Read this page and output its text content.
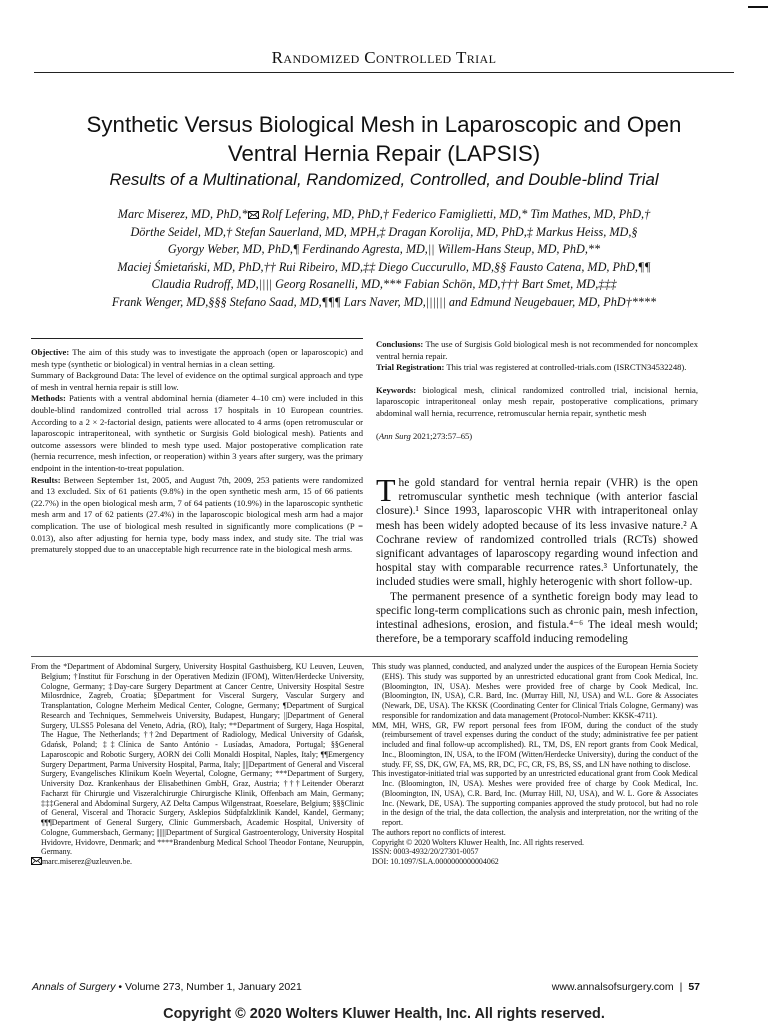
Randomized Controlled Trial
Synthetic Versus Biological Mesh in Laparoscopic and Open
Ventral Hernia Repair (LAPSIS)
Results of a Multinational, Randomized, Controlled, and Double-blind Trial
Marc Miserez, MD, PhD,* Rolf Lefering, MD, PhD,† Federico Famiglietti, MD,* Tim Mathes, MD, PhD,†
Dörthe Seidel, MD,† Stefan Sauerland, MD, MPH,‡ Dragan Korolija, MD, PhD,‡ Markus Heiss, MD,§
Gyorgy Weber, MD, PhD,¶ Ferdinando Agresta, MD,|| Willem-Hans Steup, MD, PhD,**
Maciej Śmietański, MD, PhD,†† Rui Ribeiro, MD,‡‡ Diego Cuccurullo, MD,§§ Fausto Catena, MD, PhD,¶¶
Claudia Rudroff, MD,|||| Georg Rosanelli, MD,*** Fabian Schön, MD,††† Bart Smet, MD,‡‡‡
Frank Wenger, MD,§§§ Stefano Saad, MD,¶¶¶ Lars Naver, MD,|||||| and Edmund Neugebauer, MD, PhD†****

Objective: The aim of this study was to investigate the approach (open or laparoscopic) and mesh type (synthetic or biological) in ventral hernias in a clean setting.

Summary of Background Data: The level of evidence on the optimal surgical approach and type of mesh in ventral hernia repair is still low.

Methods: Patients with a ventral abdominal hernia (diameter 4–10 cm) were included in this double-blind randomized controlled trial across 17 hospitals in 10 European countries. According to a 2 × 2-factorial design, patients were allocated to 4 arms (open retromuscular or laparoscopic intraperitoneal, with synthetic or Surgisis Gold biological mesh). Patients and outcome assessors were blinded to mesh type used. Major postoperative complication rate (hernia recurrence, mesh infection, or reoperation) within 3 years after surgery, was the primary endpoint in the intention-to-treat population.

Results: Between September 1st, 2005, and August 7th, 2009, 253 patients were randomized and 13 excluded. Six of 61 patients (9.8%) in the open synthetic mesh arm, 15 of 66 patients (22.7%) in the open biological mesh arm, 7 of 64 patients (10.9%) in the laparoscopic synthetic mesh arm and 17 of 62 patients (27.4%) in the laparoscopic biological mesh arm had a major complication. The use of biological mesh resulted in significantly more complications (P = 0.013), also after adjusting for hernia type, body mass index, and study site. The trial was prematurely stopped due to an unacceptable high recurrence rate in the biological mesh arms.

Conclusions: The use of Surgisis Gold biological mesh is not recommended for noncomplex ventral hernia repair.

Trial Registration: This trial was registered at controlled-trials.com (ISRCTN34532248).

Keywords: biological mesh, clinical randomized controlled trial, incisional hernia, laparoscopic intraperitoneal onlay mesh repair, postoperative complications, primary abdominal wall hernia, recurrence, retromuscular hernia repair, synthetic mesh

(Ann Surg 2021;273:57–65)

The gold standard for ventral hernia repair (VHR) is the open retromuscular synthetic mesh technique (with anterior fascial closure).¹ Since 1993, laparoscopic VHR with intraperitoneal onlay mesh has been widely adopted because of its less invasive nature.² A Cochrane review of randomized controlled trials (RCTs) showed significant advantages of laparoscopy regarding wound infection and hospital stay with comparable recurrence rates.³ Unfortunately, the included studies were small, highly heterogenic with short follow-up.

The permanent presence of a synthetic foreign body may lead to specific long-term complications such as chronic pain, mesh infection, intestinal adhesions, erosion, and fistula.⁴⁻⁶ The ideal mesh would; therefore, be a temporary scaffold inducing remodeling

From the *Department of Abdominal Surgery, University Hospital Gasthuisberg, KU Leuven, Leuven, Belgium; †Institut für Forschung in der Operativen Medizin (IFOM), Witten/Herdecke University, Cologne, Germany; ‡Day-care Surgery Department at Cancer Centre, University Hospital Sestre Milosrdnice, Zagreb, Croatia; §Department for Visceral Surgery, Vascular Surgery and Transplantation, Cologne Merheim Medical Center, Cologne, Germany; ¶Department of Surgical Research and Techniques, Semmelweis University, Budapest, Hungary; ||Department of General Surgery, ULSS5 Polesana del Veneto, Adria, (RO), Italy; **Department of Surgery, Haga Hospital, The Hague, The Netherlands; ††2nd Department of Radiology, Medical University of Gdańsk, Gdańsk, Poland; ‡‡Clínica de Santo António - Lusíadas, Amadora, Portugal; §§General Laparoscopic and Robotic Surgery, AORN dei Colli Monaldi Hospital, Naples, Italy; ¶¶Emergency Surgery Department, Parma University Hospital, Parma, Italy; ||||Department of General and Visceral Surgery, Evangelisches Klinikum Koeln Weyertal, Cologne, Germany; ***Department of Surgery, University Doz. Krankenhaus der Elisabethinen GmbH, Graz, Austria; †††Leitender Oberarzt Facharzt für Chirurgie und Viszeralchirurgie Chirurgische Klinik, Offenbach am Main, Germany; ‡‡‡General and Abdominal Surgery, AZ Delta Campus Wilgenstraat, Roeselare, Belgium; §§§Clinic of General, Visceral and Thoracic Surgery, Asklepios Südpfalzklinik Kandel, Kandel, Germany; ¶¶¶Department of General Surgery, Clinic Gummersbach, Academic Hospital, University of Cologne, Gummersbach, Germany; ||||||Department of Surgical Gastroenterology, University Hospital Hvidovre, Hvidovre, Denmark; and ****Brandenburg Medical School Theodor Fontane, Neuruppin, Germany.

marc.miserez@uzleuven.be.

This study was planned, conducted, and analyzed under the auspices of the European Hernia Society (EHS). This study was supported by an unrestricted educational grant from Cook Medical, Inc. (Bloomington, IN, USA). Meshes were provided free of charge by Cook Medical, Inc. (Bloomington, IN, USA), C.R. Bard, Inc. (Murray Hill, NJ, USA) and W.L. Gore & Associates (Newark, DE, USA). The KKSK (Coordinating Center for Clinical Trials Cologne, Germany) was responsible for randomization and data management (Protocol-Number: KKSK-4711).

MM, MH, WHS, GR, FW report personal fees from IFOM, during the conduct of the study (reimbursement of travel expenses during the conduct of the study; administrative fee per patient included and final follow-up accomplished). RL, TM, DS, EN report grants from Cook Medical, Inc., Bloomington, IN, USA, to the IFOM (Witten/Herdecke University), during the conduct of the study. FF, SS, DK, GW, FA, MS, RR, DC, FC, CR, FS, BS, SS, and LN have nothing to disclose.

This investigator-initiated trial was supported by an unrestricted educational grant from Cook Medical Inc. (Bloomington, IN, USA). Meshes were provided free of charge by Cook Medical, Inc. (Bloomington, IN, USA), C.R. Bard, Inc. (Murray Hill, NJ, USA), and W. L. Gore & Associates Inc. (Newark, DE, USA). The supporting companies approved the study protocol, but had no role in the design of the trial, the data collection, the analysis and interpretation, nor the writing of the report.

The authors report no conflicts of interest.

Copyright © 2020 Wolters Kluwer Health, Inc. All rights reserved.

ISSN: 0003-4932/20/27301-0057

DOI: 10.1097/SLA.0000000000004062

Annals of Surgery • Volume 273, Number 1, January 2021	www.annalsofsurgery.com | 57
Copyright © 2020 Wolters Kluwer Health, Inc. All rights reserved.
